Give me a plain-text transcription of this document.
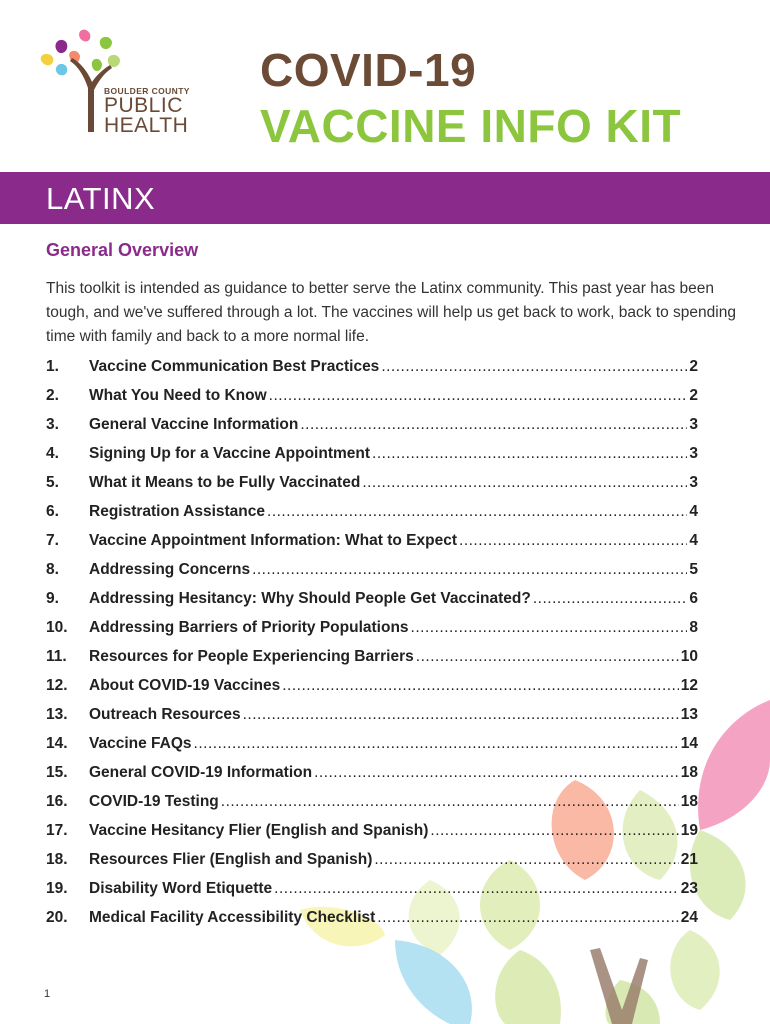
BOULDER COUNTY
PUBLIC
HEALTH
COVID-19
VACCINE INFO KIT
LATINX
General Overview
This toolkit is intended as guidance to better serve the Latinx community. This past year has been tough, and we've suffered through a lot. The vaccines will help us get back to work, back to spending time with family and back to a more normal life.
1.	Vaccine Communication Best Practices .....	2
2.	What You Need to Know .....	2
3.	General Vaccine Information .....	3
4.	Signing Up for a Vaccine Appointment .....	3
5.	What it Means to be Fully Vaccinated .....	3
6.	Registration Assistance .....	4
7.	Vaccine Appointment Information: What to Expect .....	4
8.	Addressing Concerns .....	5
9.	Addressing Hesitancy: Why Should People Get Vaccinated? .....	6
10.	Addressing Barriers of Priority Populations .....	8
11.	Resources for People Experiencing Barriers .....	10
12.	About COVID-19 Vaccines .....	12
13.	Outreach Resources .....	13
14.	Vaccine FAQs .....	14
15.	General COVID-19 Information .....	18
16.	COVID-19 Testing .....	18
17.	Vaccine Hesitancy Flier (English and Spanish) .....	19
18.	Resources Flier (English and Spanish) .....	21
19.	Disability Word Etiquette .....	23
20.	Medical Facility Accessibility Checklist .....	24
1
